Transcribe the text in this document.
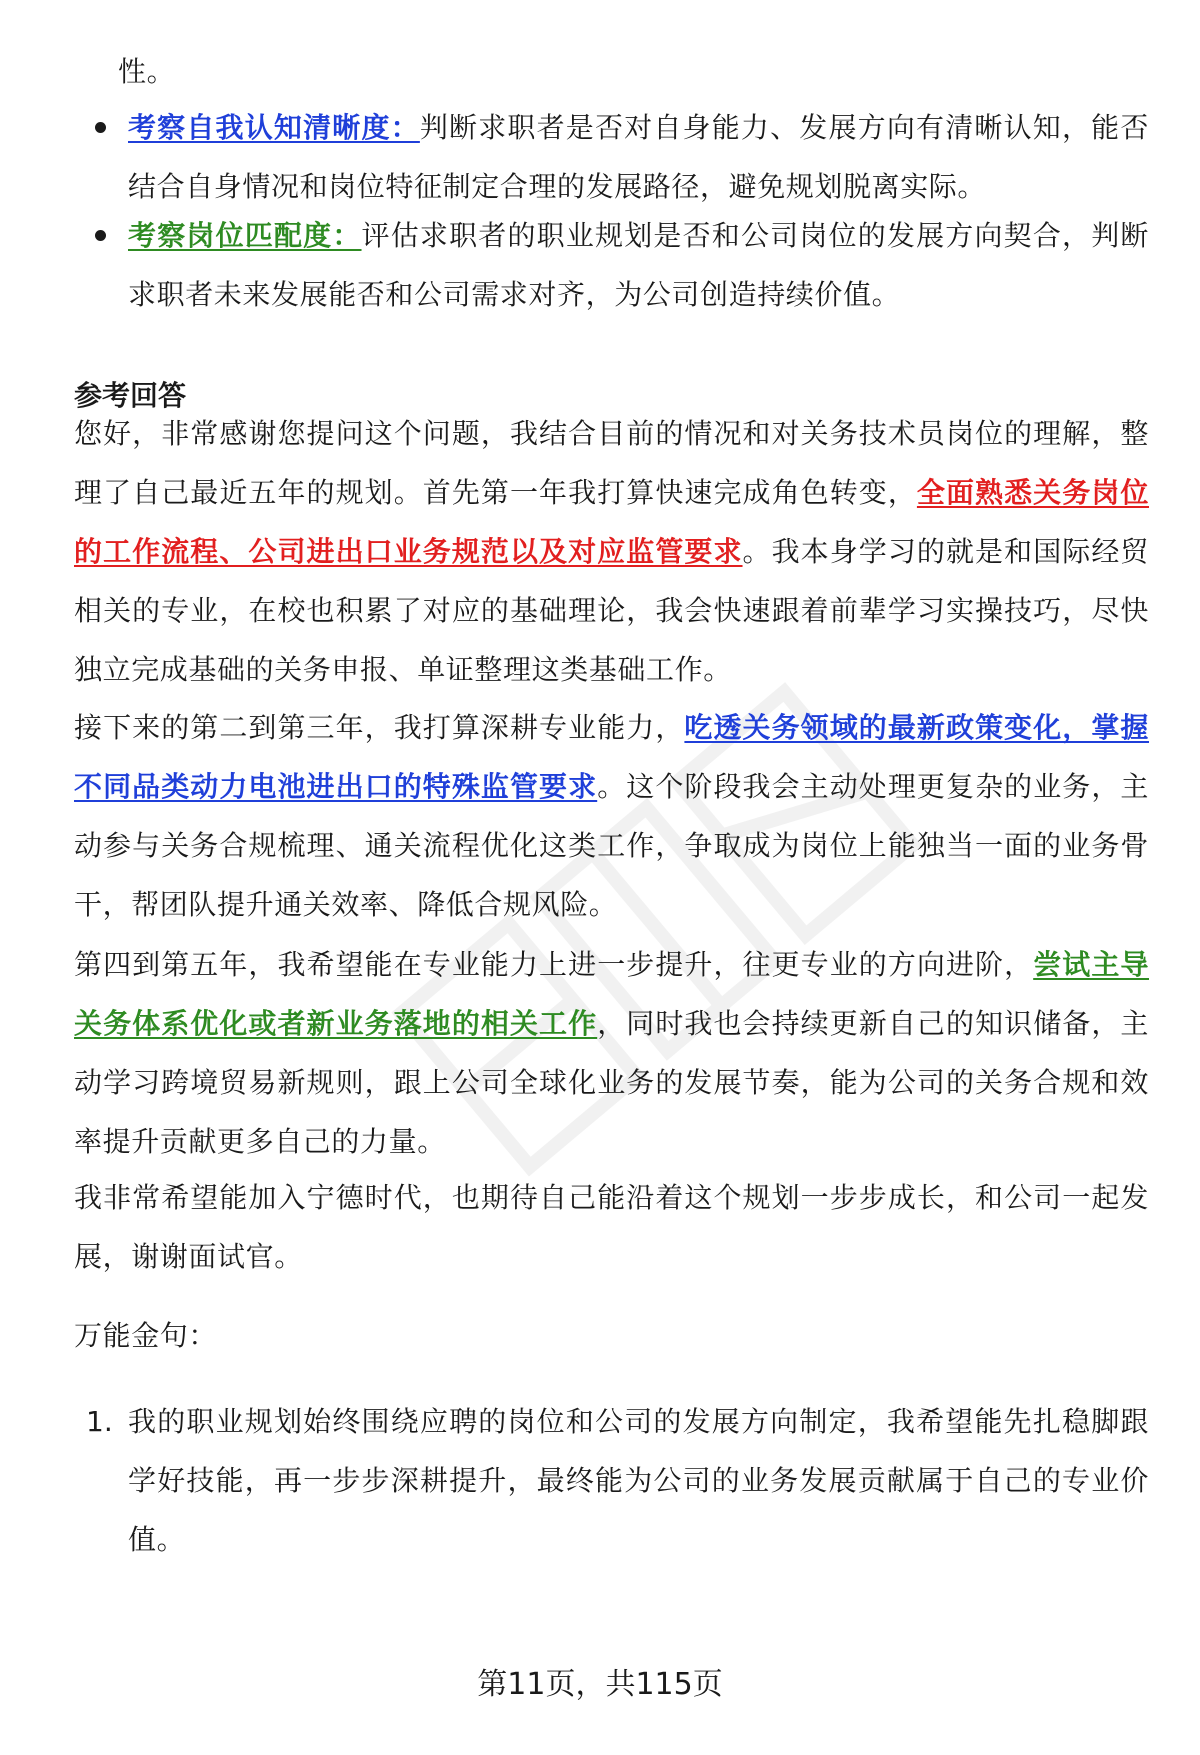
性。

考察自我认知清晰度：判断求职者是否对自身能力、发展方向有清晰认知，能否结合自身情况和岗位特征制定合理的发展路径，避免规划脱离实际。
考察岗位匹配度：评估求职者的职业规划是否和公司岗位的发展方向契合，判断求职者未来发展能否和公司需求对齐，为公司创造持续价值。
参考回答

您好，非常感谢您提问这个问题，我结合目前的情况和对关务技术员岗位的理解，整理了自己最近五年的规划。首先第一年我打算快速完成角色转变，全面熟悉关务岗位的工作流程、公司进出口业务规范以及对应监管要求。我本身学习的就是和国际经贸相关的专业，在校也积累了对应的基础理论，我会快速跟着前辈学习实操技巧，尽快独立完成基础的关务申报、单证整理这类基础工作。

接下来的第二到第三年，我打算深耕专业能力，吃透关务领域的最新政策变化，掌握不同品类动力电池进出口的特殊监管要求。这个阶段我会主动处理更复杂的业务，主动参与关务合规梳理、通关流程优化这类工作，争取成为岗位上能独当一面的业务骨干，帮团队提升通关效率、降低合规风险。

第四到第五年，我希望能在专业能力上进一步提升，往更专业的方向进阶，尝试主导关务体系优化或者新业务落地的相关工作，同时我也会持续更新自己的知识储备，主动学习跨境贸易新规则，跟上公司全球化业务的发展节奏，能为公司的关务合规和效率提升贡献更多自己的力量。

我非常希望能加入宁德时代，也期待自己能沿着这个规划一步步成长，和公司一起发展，谢谢面试官。

万能金句：

1. 我的职业规划始终围绕应聘的岗位和公司的发展方向制定，我希望能先扎稳脚跟学好技能，再一步步深耕提升，最终能为公司的业务发展贡献属于自己的专业价值。
第11页，共115页
